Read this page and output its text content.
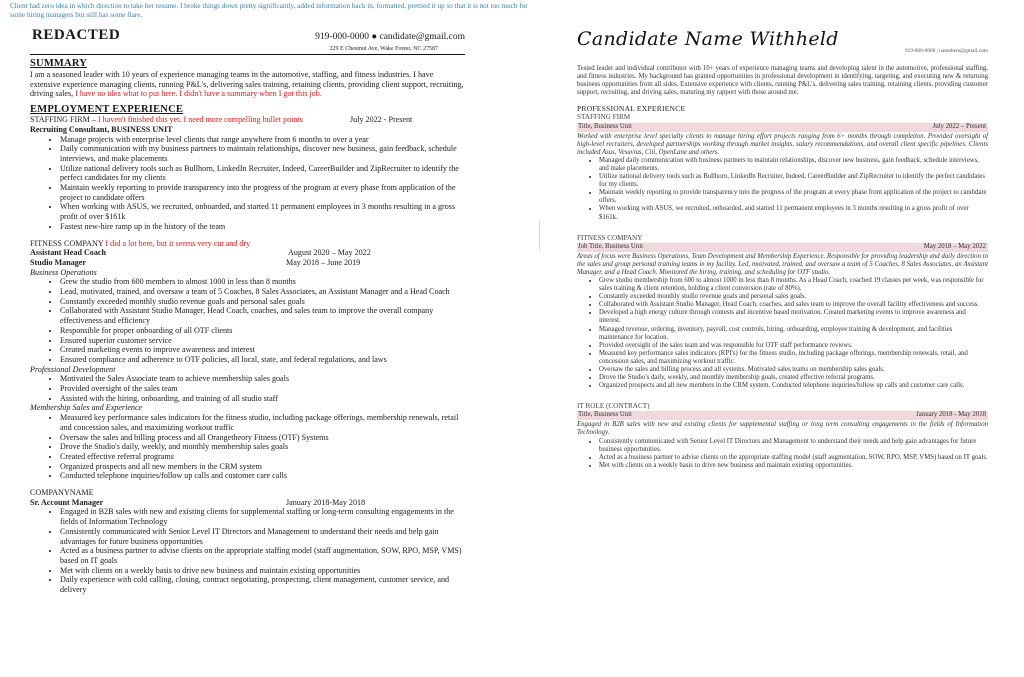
Client had zero idea in which direction to take her resume. I broke things down pretty significantly, added information back in, formatted, prettied it up so that it is not too much for some hiring managers but still has some flare.
REDACTED	919-000-0000 ● candidate@gmail.com
229 E Chestnut Ave, Wake Forest, NC 27587
SUMMARY

I am a seasoned leader with 10 years of experience managing teams in the automotive, staffing, and fitness industries. I have extensive experience managing clients, running P&L's, delivering sales training, retaining clients, providing client support, recruiting, driving sales, I have no idea what to put here. I didn't have a summary when I got this job.

EMPLOYMENT EXPERIENCE
STAFFING FIRM – I haven't finished this yet. I need more compelling bullet points	July 2022 - Present
Recruiting Consultant, BUSINESS UNIT
• Manage projects with enterprise level clients that range anywhere from 6 months to over a year
• Daily communication with my business partners to maintain relationships, discover new business, gain feedback, schedule interviews, and make placements
• Utilize national delivery tools such as Bullhorn, LinkedIn Recruiter, Indeed, CareerBuilder and ZipRecruiter to identify the perfect candidates for my clients
• Maintain weekly reporting to provide transparency into the progress of the program at every phase from application of the project to candidate offers
• When working with ASUS, we recruited, onboarded, and started 11 permanent employees in 3 months resulting in a gross profit of over $161k
• Fastest new-hire ramp up in the history of the team
FITNESS COMPANY I did a lot here, but it seems very cut and dry
Assistant Head Coach	August 2020 – May 2022
Studio Manager	May 2018 – June 2019
Business Operations
• Grew the studio from 600 members to almost 1000 in less than 8 months
• Lead, motivated, trained, and oversaw a team of 5 Coaches, 8 Sales Associates, an Assistant Manager and a Head Coach
• Constantly exceeded monthly studio revenue goals and personal sales goals
• Collaborated with Assistant Studio Manager, Head Coach, coaches, and sales team to improve the overall company effectiveness and efficiency
• Responsible for proper onboarding of all OTF clients
• Ensured superior customer service
• Created marketing events to improve awareness and interest
• Ensured compliance and adherence to OTF policies, all local, state, and federal regulations, and laws
Professional Development
• Motivated the Sales Associate team to achieve membership sales goals
• Provided oversight of the sales team
• Assisted with the hiring, onboarding, and training of all studio staff
Membership Sales and Experience
• Measured key performance sales indicators for the fitness studio, including package offerings, membership renewals, retail and concession sales, and maximizing workout traffic
• Oversaw the sales and billing process and all Orangetheory Fitness (OTF) Systems
• Drove the Studio's daily, weekly, and monthly membership sales goals
• Created effective referral programs
• Organized prospects and all new members in the CRM system
• Conducted telephone inquiries/follow up calls and customer care calls
COMPANYNAME
Sr. Account Manager	January 2018-May 2018
• Engaged in B2B sales with new and existing clients for supplemental staffing or long-term consulting engagements in the fields of Information Technology
• Consistently communicated with Senior Level IT Directors and Management to understand their needs and help gain advantages for future business opportunities
• Acted as a business partner to advise clients on the appropriate staffing model (staff augmentation, SOW, RPO, MSP, VMS) based on IT goals
• Met with clients on a weekly basis to drive new business and maintain existing opportunities
• Daily experience with cold calling, closing, contract negotiating, prospecting, client management, customer service, and delivery
Candidate Name Withheld
919-000-0000 | namehere@gmail.com
Tested leader and individual contributor with 10+ years of experience managing teams and developing talent in the automotive, professional staffing, and fitness industries. My background has granted opportunities in professional development in identifying, targeting, and executing new & returning business opportunities from all sides. Extensive experience with clients, running P&L's, delivering sales training, retaining clients, providing customer support, recruiting, and driving sales, maturing my rapport with those around me.
PROFESSIONAL EXPERIENCE
STAFFING FIRM
Title, Business Unit	July 2022 – Present
Worked with enterprise level specialty clients to manage hiring effort projects ranging from 6+ months through completion. Provided oversight of high-level recruiters, developed partnerships working through market insights, salary recommendations, and overall client specific pipelines. Clients included Asus, Vesuvius, Citi, OpenLane and others.
• Managed daily communication with business partners to maintain relationships, discover new business, gain feedback, schedule interviews, and make placements.
• Utilize national delivery tools such as Bullhorn, LinkedIn Recruiter, Indeed, CareerBuilder and ZipRecruiter to identify the perfect candidates for my clients.
• Maintain weekly reporting to provide transparency into the progress of the program at every phase from application of the project to candidate offers.
• When working with ASUS, we recruited, onboarded, and started 11 permanent employees in 3 months resulting in a gross profit of over $161k.
FITNESS COMPANY
Job Title, Business Unit	May 2018 – May 2022
Areas of focus were Business Operations, Team Development and Membership Experience. Responsible for providing leadership and daily direction to the sales and group personal training teams in my facility. Led, motivated, trained, and oversaw a team of 5 Coaches, 8 Sales Associates, an Assistant Manager, and a Head Coach. Monitored the hiring, training, and scheduling for OTF studio.
• Grew studio membership from 600 to almost 1000 in less than 8 months. As a Head Coach, coached 19 classes per week, was responsible for sales training & client retention, holding a client conversion (rate of 80%).
• Constantly exceeded monthly studio revenue goals and personal sales goals.
• Collaborated with Assistant Studio Manager, Head Coach, coaches, and sales team to improve the overall facility effectiveness and success.
• Developed a high energy culture through contests and incentive based motivation. Created marketing events to improve awareness and interest.
• Managed revenue, ordering, inventory, payroll, cost controls, hiring, onboarding, employee training & development, and facilities maintenance for location.
• Provided oversight of the sales team and was responsible for OTF staff performance reviews.
• Measured key performance sales indicators (KPI's) for the fitness studio, including package offerings, membership renewals, retail, and concession sales, and maximizing workout traffic.
• Oversaw the sales and billing process and all systems. Motivated sales teams on membership sales goals.
• Drove the Studio's daily, weekly, and monthly membership goals, created effective referral programs.
• Organized prospects and all new members in the CRM system. Conducted telephone inquiries/follow up calls and customer care calls.
IT ROLE (CONTRACT)
Title, Business Unit	January 2018 - May 2018
Engaged in B2B sales with new and existing clients for supplemental staffing or long term consulting engagements in the fields of Information Technology.
• Consistently communicated with Senior Level IT Directors and Management to understand their needs and help gain advantages for future business opportunities.
• Acted as a business partner to advise clients on the appropriate staffing model (staff augmentation, SOW, RPO, MSP, VMS) based on IT goals.
• Met with clients on a weekly basis to drive new business and maintain existing opportunities.
